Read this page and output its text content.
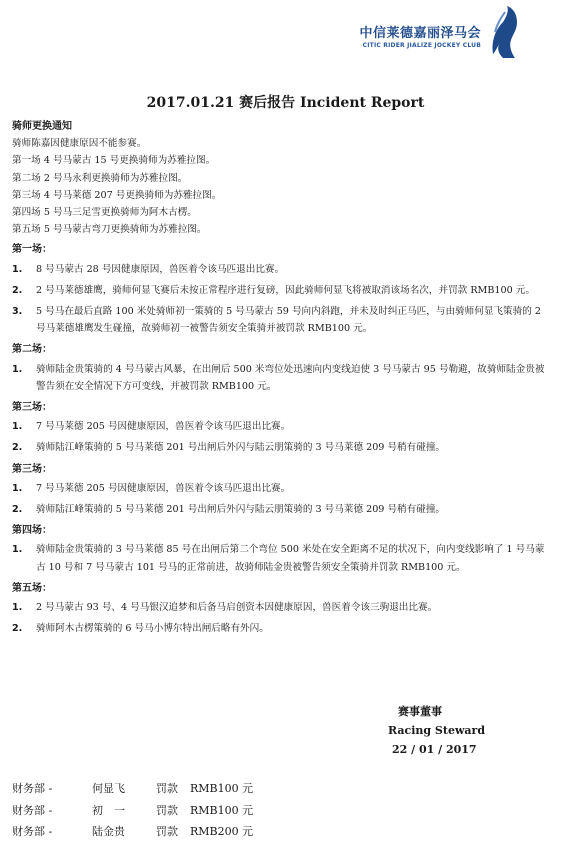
中信莱德嘉丽泽马会
CITIC RIDER JIALIZE JOCKEY CLUB
2017.01.21 赛后报告 Incident Report

骑师更换通知

骑师陈嘉因健康原因不能参赛。

第一场 4 号马蒙古 15 号更换骑师为苏雅拉图。

第二场 2 号马永利更换骑师为苏雅拉图。

第三场 4 号马莱德 207 号更换骑师为苏雅拉图。

第四场 5 号马三足雪更换骑师为阿木古楞。

第五场 5 号马蒙古弯刀更换骑师为苏雅拉图。

第一场：

1.	8 号马蒙古 28 号因健康原因，兽医着令该马匹退出比赛。
2.	2 号马莱德雄鹰，骑师何显飞赛后未按正常程序进行复磅，因此骑师何显飞将被取消该场名次，并罚款 RMB100 元。
3.	5 号马在最后直路 100 米处骑师初一策骑的 5 号马蒙古 59 号向内斜跑，并未及时纠正马匹，与由骑师何显飞策骑的 2 号马莱德雄鹰发生碰撞，故骑师初一被警告须安全策骑并被罚款 RMB100 元。

第二场：

1.	骑师陆金贵策骑的 4 号马蒙古风暴，在出闸后 500 米弯位处迅速向内变线迫使 3 号马蒙古 95 号勒避，故骑师陆金贵被警告须在安全情况下方可变线，并被罚款 RMB100 元。

第三场：

1.	7 号马莱德 205 号因健康原因，兽医着令该马匹退出比赛。
2.	骑师陆江峰策骑的 5 号马莱德 201 号出闸后外闪与陆云朋策骑的 3 号马莱德 209 号稍有碰撞。

第三场：

1.	7 号马莱德 205 号因健康原因，兽医着令该马匹退出比赛。
2.	骑师陆江峰策骑的 5 号马莱德 201 号出闸后外闪与陆云朋策骑的 3 号马莱德 209 号稍有碰撞。

第四场：

1.	骑师陆金贵策骑的 3 号马莱德 85 号在出闸后第二个弯位 500 米处在安全距离不足的状况下，向内变线影响了 1 号马蒙古 10 号和 7 号马蒙古 101 号马的正常前进，故骑师陆金贵被警告须安全策骑并罚款 RMB100 元。

第五场：

1.	2 号马蒙古 93 号、4 号马银汉追梦和后备马启创资本因健康原因，兽医着令该三驹退出比赛。
2.	骑师阿木古楞策骑的 6 号马小博尔特出闸后略有外闪。
赛事董事
Racing Steward
22 / 01 / 2017
财务部 -	何显飞	罚款	RMB100 元
财务部 -	初　一	罚款	RMB100 元
财务部 -	陆金贵	罚款	RMB200 元
